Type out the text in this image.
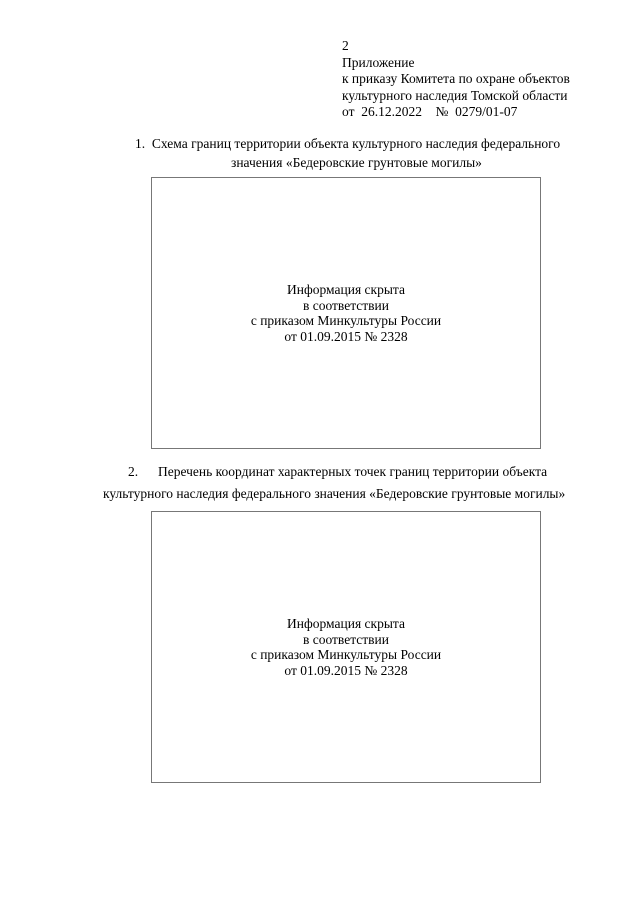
2
Приложение
к приказу Комитета по охране объектов
культурного наследия Томской области
от 26.12.2022 № 0279/01-07
1. Схема границ территории объекта культурного наследия федерального
значения «Бедеровские грунтовые могилы»
Информация скрыта
в соответствии
с приказом Минкультуры России
от 01.09.2015 № 2328
2. Перечень координат характерных точек границ территории объекта
культурного наследия федерального значения «Бедеровские грунтовые могилы»
Информация скрыта
в соответствии
с приказом Минкультуры России
от 01.09.2015 № 2328
